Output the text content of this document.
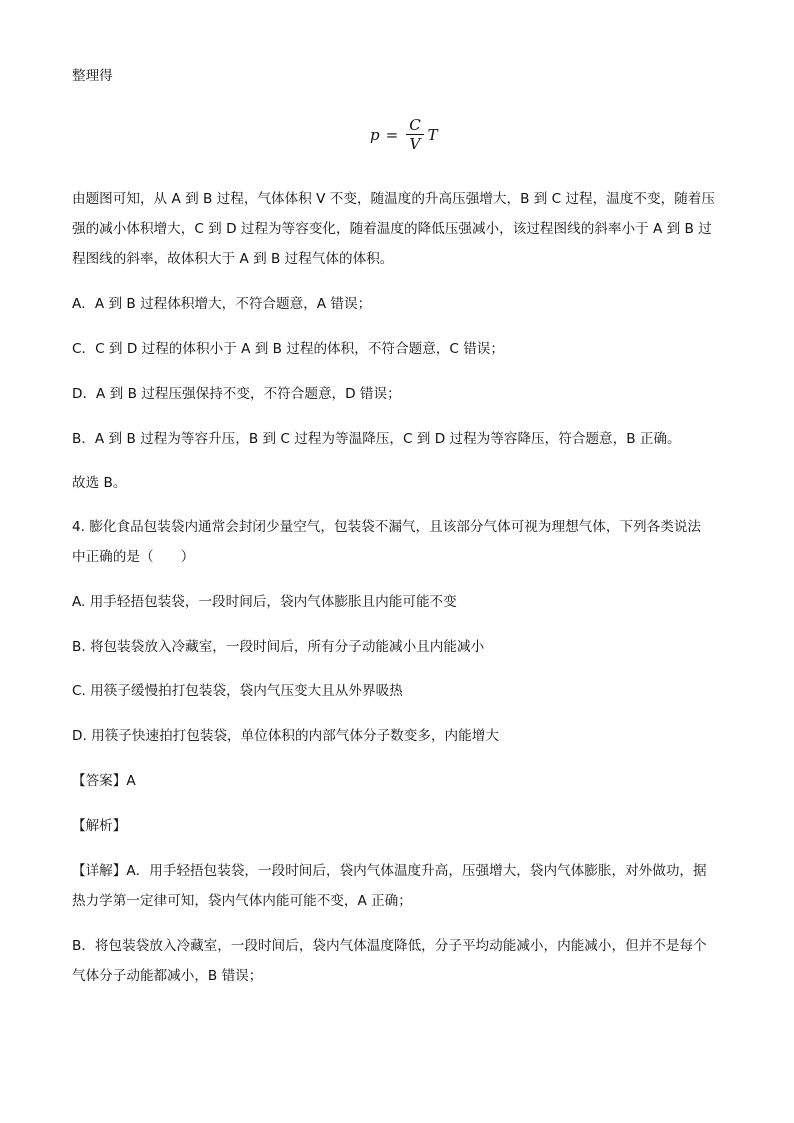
整理得
$p = \frac{C}{V}$ T
由题图可知，从 A 到 B 过程，气体体积 V 不变，随温度的升高压强增大，B 到 C 过程，温度不变，随着压
强的减小体积增大，C 到 D 过程为等容变化，随着温度的降低压强减小，该过程图线的斜率小于 A 到 B 过
程图线的斜率，故体积大于 A 到 B 过程气体的体积。
A．A 到 B 过程体积增大，不符合题意，A 错误；
C．C 到 D 过程的体积小于 A 到 B 过程的体积，不符合题意，C 错误；
D．A 到 B 过程压强保持不变，不符合题意，D 错误；
B．A 到 B 过程为等容升压，B 到 C 过程为等温降压，C 到 D 过程为等容降压，符合题意，B 正确。
故选 B。
4. 膨化食品包装袋内通常会封闭少量空气，包装袋不漏气，且该部分气体可视为理想气体，下列各类说法
中正确的是（　　）
A. 用手轻捂包装袋，一段时间后，袋内气体膨胀且内能可能不变
B. 将包装袋放入冷藏室，一段时间后，所有分子动能减小且内能减小
C. 用筷子缓慢拍打包装袋，袋内气压变大且从外界吸热
D. 用筷子快速拍打包装袋，单位体积的内部气体分子数变多，内能增大
【答案】A
【解析】
【详解】A．用手轻捂包装袋，一段时间后，袋内气体温度升高，压强增大，袋内气体膨胀，对外做功，据
热力学第一定律可知，袋内气体内能可能不变，A 正确；
B．将包装袋放入冷藏室，一段时间后，袋内气体温度降低，分子平均动能减小，内能减小，但并不是每个
气体分子动能都减小，B 错误；
